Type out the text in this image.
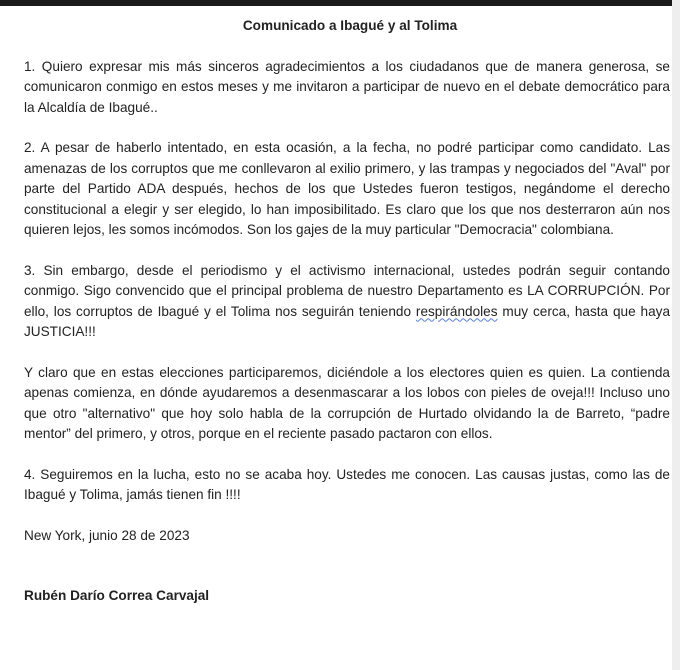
Comunicado a Ibagué y al Tolima

1. Quiero expresar mis más sinceros agradecimientos a los ciudadanos que de manera generosa, se comunicaron conmigo en estos meses y me invitaron a participar de nuevo en el debate democrático para la Alcaldía de Ibagué..

2. A pesar de haberlo intentado, en esta ocasión, a la fecha, no podré participar como candidato. Las amenazas de los corruptos que me conllevaron al exilio primero, y las trampas y negociados del "Aval" por parte del Partido ADA después, hechos de los que Ustedes fueron testigos, negándome el derecho constitucional a elegir y ser elegido, lo han imposibilitado. Es claro que los que nos desterraron aún nos quieren lejos, les somos incómodos. Son los gajes de la muy particular "Democracia" colombiana.

3. Sin embargo, desde el periodismo y el activismo internacional, ustedes podrán seguir contando conmigo. Sigo convencido que el principal problema de nuestro Departamento es LA CORRUPCIÓN. Por ello, los corruptos de Ibagué y el Tolima nos seguirán teniendo respirándoles muy cerca, hasta que haya JUSTICIA!!!

Y claro que en estas elecciones participaremos, diciéndole a los electores quien es quien. La contienda apenas comienza, en dónde ayudaremos a desenmascarar a los lobos con pieles de oveja!!! Incluso uno que otro "alternativo" que hoy solo habla de la corrupción de Hurtado olvidando la de Barreto, “padre mentor” del primero, y otros, porque en el reciente pasado pactaron con ellos.

4. Seguiremos en la lucha, esto no se acaba hoy. Ustedes me conocen. Las causas justas, como las de Ibagué y Tolima, jamás tienen fin !!!!

New York, junio 28 de 2023

Rubén Darío Correa Carvajal
